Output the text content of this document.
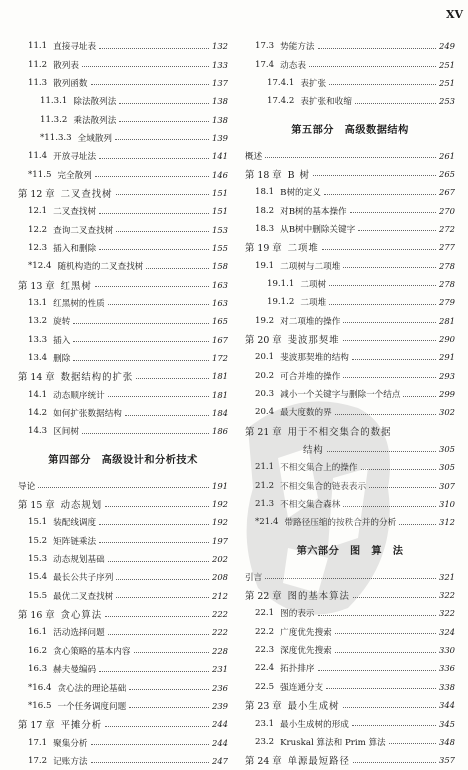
XV
11.1 直接寻址表	132
11.2 散列表	133
11.3 散列函数	137
11.3.1 除法散列法	138
11.3.2 乘法散列法	138
*11.3.3 全域散列	139
11.4 开放寻址法	141
*11.5 完全散列	146
第 12 章 二叉查找树	151
12.1 二叉查找树	151
12.2 查询二叉查找树	153
12.3 插入和删除	155
*12.4 随机构造的二叉查找树	158
第 13 章 红黑树	163
13.1 红黑树的性质	163
13.2 旋转	165
13.3 插入	167
13.4 删除	172
第 14 章 数据结构的扩张	181
14.1 动态顺序统计	181
14.2 如何扩张数据结构	184
14.3 区间树	186
第四部分　高级设计和分析技术
导论	191
第 15 章 动态规划	192
15.1 装配线调度	192
15.2 矩阵链乘法	197
15.3 动态规划基础	202
15.4 最长公共子序列	208
15.5 最优二叉查找树	212
第 16 章 贪心算法	222
16.1 活动选择问题	222
16.2 贪心策略的基本内容	228
16.3 赫夫曼编码	231
*16.4 贪心法的理论基础	236
*16.5 一个任务调度问题	239
第 17 章 平摊分析	244
17.1 聚集分析	244
17.2 记账方法	247
17.3 势能方法	249
17.4 动态表	251
17.4.1 表扩张	251
17.4.2 表扩张和收缩	253
第五部分　高级数据结构
概述	261
第 18 章 B 树	265
18.1 B树的定义	267
18.2 对B树的基本操作	270
18.3 从B树中删除关键字	272
第 19 章 二项堆	277
19.1 二项树与二项堆	278
19.1.1 二项树	278
19.1.2 二项堆	279
19.2 对二项堆的操作	281
第 20 章 斐波那契堆	290
20.1 斐波那契堆的结构	291
20.2 可合并堆的操作	293
20.3 减小一个关键字与删除一个结点	299
20.4 最大度数的界	302
第 21 章 用于不相交集合的数据
结构	305
21.1 不相交集合上的操作	305
21.2 不相交集合的链表表示	307
21.3 不相交集合森林	310
*21.4 带路径压缩的按秩合并的分析	312
第六部分　图　算　法
引言	321
第 22 章 图的基本算法	322
22.1 图的表示	322
22.2 广度优先搜索	324
22.3 深度优先搜索	330
22.4 拓扑排序	336
22.5 强连通分支	338
第 23 章 最小生成树	344
23.1 最小生成树的形成	345
23.2 Kruskal 算法和 Prim 算法	348
第 24 章 单源最短路径	357
